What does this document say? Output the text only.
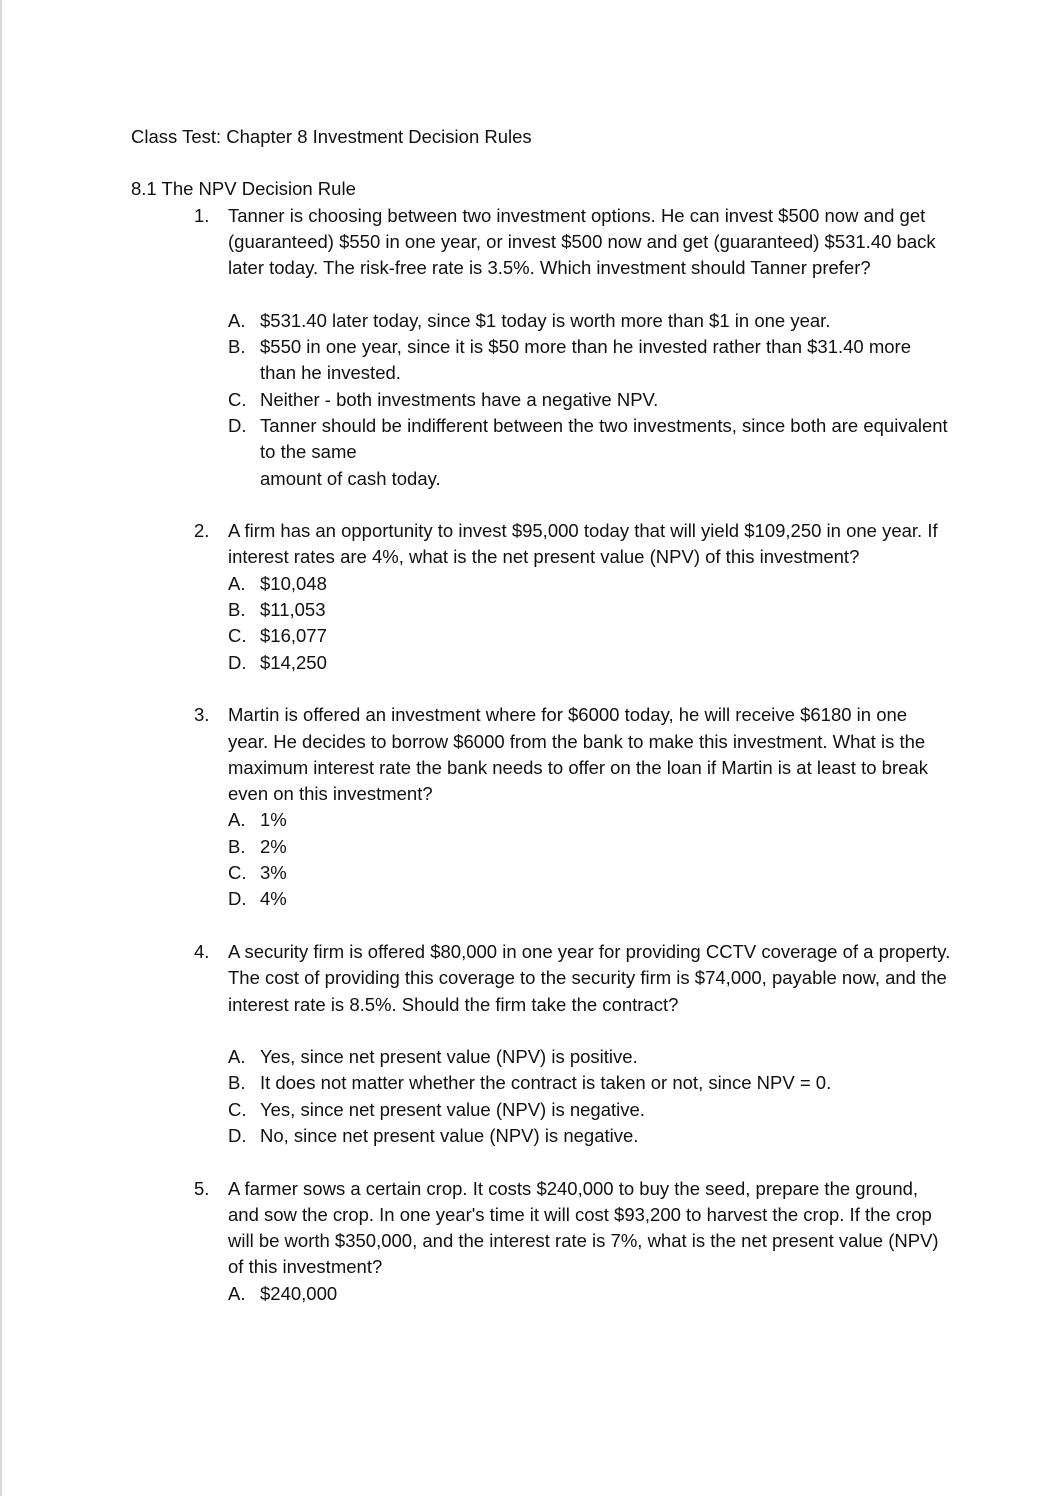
Class Test: Chapter 8 Investment Decision Rules

8.1 The NPV Decision Rule

1. Tanner is choosing between two investment options. He can invest $500 now and get (guaranteed) $550 in one year, or invest $500 now and get (guaranteed) $531.40 back later today. The risk-free rate is 3.5%. Which investment should Tanner prefer?

A. $531.40 later today, since $1 today is worth more than $1 in one year.
B. $550 in one year, since it is $50 more than he invested rather than $31.40 more than he invested.
C. Neither - both investments have a negative NPV.
D. Tanner should be indifferent between the two investments, since both are equivalent to the same
amount of cash today.
2. A firm has an opportunity to invest $95,000 today that will yield $109,250 in one year. If interest rates are 4%, what is the net present value (NPV) of this investment?

A. $10,048
B. $11,053
C. $16,077
D. $14,250
3. Martin is offered an investment where for $6000 today, he will receive $6180 in one year. He decides to borrow $6000 from the bank to make this investment. What is the maximum interest rate the bank needs to offer on the loan if Martin is at least to break even on this investment?

A. 1%
B. 2%
C. 3%
D. 4%
4. A security firm is offered $80,000 in one year for providing CCTV coverage of a property. The cost of providing this coverage to the security firm is $74,000, payable now, and the interest rate is 8.5%. Should the firm take the contract?

A. Yes, since net present value (NPV) is positive.
B. It does not matter whether the contract is taken or not, since NPV = 0.
C. Yes, since net present value (NPV) is negative.
D. No, since net present value (NPV) is negative.
5. A farmer sows a certain crop. It costs $240,000 to buy the seed, prepare the ground, and sow the crop. In one year's time it will cost $93,200 to harvest the crop. If the crop will be worth $350,000, and the interest rate is 7%, what is the net present value (NPV) of this investment?

A. $240,000
